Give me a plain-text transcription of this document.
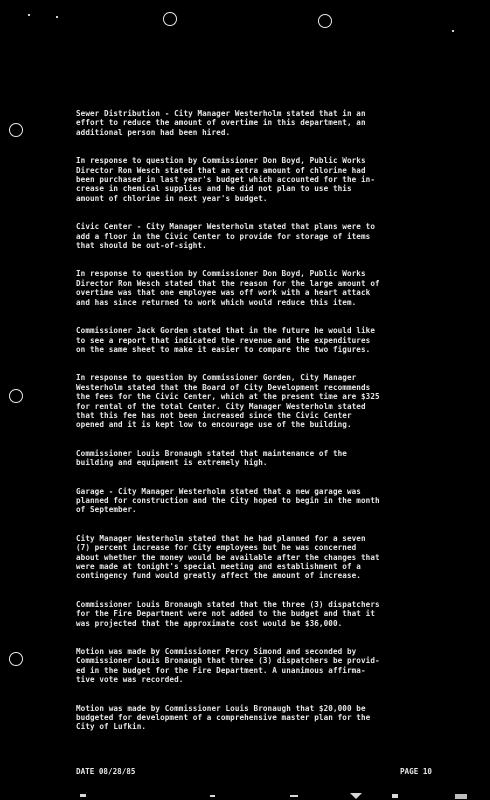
Sewer Distribution - City Manager Westerholm stated that in an
effort to reduce the amount of overtime in this department, an
additional person had been hired.

In response to question by Commissioner Don Boyd, Public Works
Director Ron Wesch stated that an extra amount of chlorine had
been purchased in last year's budget which accounted for the in-
crease in chemical supplies and he did not plan to use this
amount of chlorine in next year's budget.

Civic Center - City Manager Westerholm stated that plans were to
add a floor in the Civic Center to provide for storage of items
that should be out-of-sight.

In response to question by Commissioner Don Boyd, Public Works
Director Ron Wesch stated that the reason for the large amount of
overtime was that one employee was off work with a heart attack
and has since returned to work which would reduce this item.

Commissioner Jack Gorden stated that in the future he would like
to see a report that indicated the revenue and the expenditures
on the same sheet to make it easier to compare the two figures.

In response to question by Commissioner Gorden, City Manager
Westerholm stated that the Board of City Development recommends
the fees for the Civic Center, which at the present time are $325
for rental of the total Center. City Manager Westerholm stated
that this fee has not been increased since the Civic Center
opened and it is kept low to encourage use of the building.

Commissioner Louis Bronaugh stated that maintenance of the
building and equipment is extremely high.

Garage - City Manager Westerholm stated that a new garage was
planned for construction and the City hoped to begin in the month
of September.

City Manager Westerholm stated that he had planned for a seven
(7) percent increase for City employees but he was concerned
about whether the money would be available after the changes that
were made at tonight's special meeting and establishment of a
contingency fund would greatly affect the amount of increase.

Commissioner Louis Bronaugh stated that the three (3) dispatchers
for the Fire Department were not added to the budget and that it
was projected that the approximate cost would be $36,000.

Motion was made by Commissioner Percy Simond and seconded by
Commissioner Louis Bronaugh that three (3) dispatchers be provid-
ed in the budget for the Fire Department. A unanimous affirma-
tive vote was recorded.

Motion was made by Commissioner Louis Bronaugh that $20,000 be
budgeted for development of a comprehensive master plan for the
City of Lufkin.

DATE 08/28/85	PAGE 10
